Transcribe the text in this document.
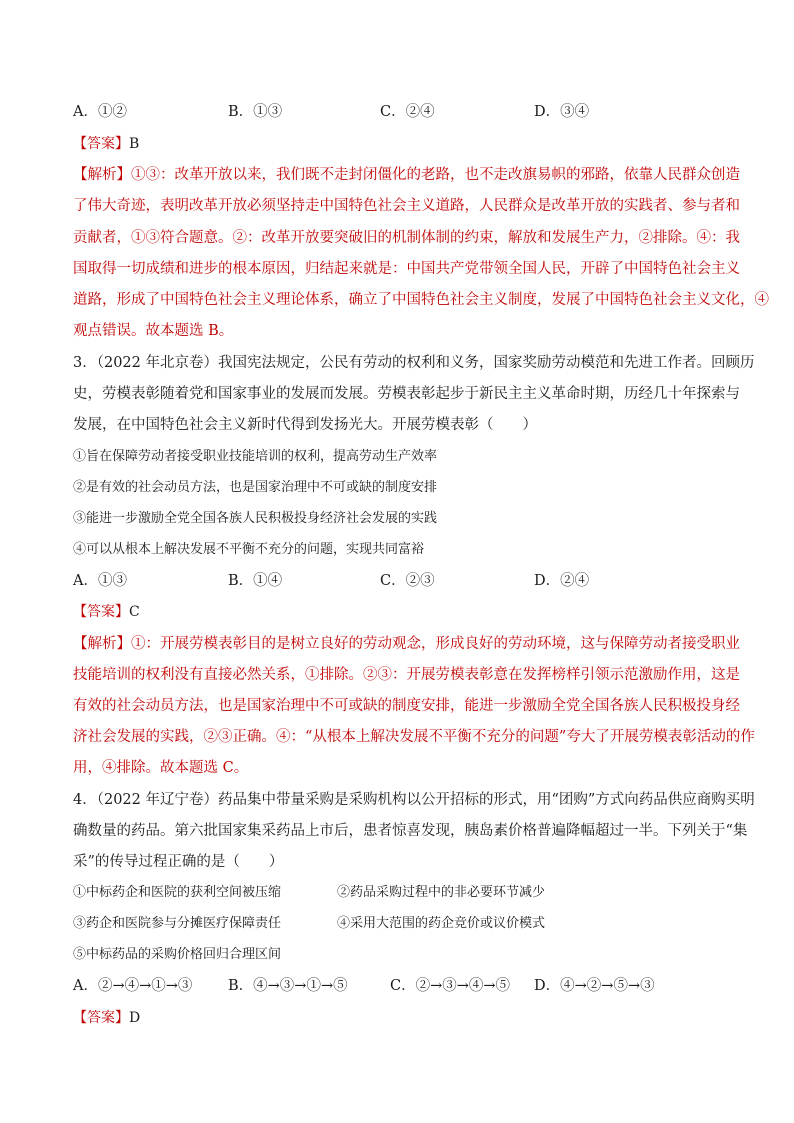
A．①②	B．①③	C．②④	D．③④
【答案】B
【解析】①③：改革开放以来，我们既不走封闭僵化的老路，也不走改旗易帜的邪路，依靠人民群众创造
了伟大奇迹，表明改革开放必须坚持走中国特色社会主义道路，人民群众是改革开放的实践者、参与者和
贡献者，①③符合题意。②：改革开放要突破旧的机制体制的约束，解放和发展生产力，②排除。④：我
国取得一切成绩和进步的根本原因，归结起来就是：中国共产党带领全国人民，开辟了中国特色社会主义
道路，形成了中国特色社会主义理论体系，确立了中国特色社会主义制度，发展了中国特色社会主义文化，④
观点错误。故本题选 B。
3．（2022 年北京卷）我国宪法规定，公民有劳动的权利和义务，国家奖励劳动模范和先进工作者。回顾历
史，劳模表彰随着党和国家事业的发展而发展。劳模表彰起步于新民主主义革命时期，历经几十年探索与
发展，在中国特色社会主义新时代得到发扬光大。开展劳模表彰（　　）
①旨在保障劳动者接受职业技能培训的权利，提高劳动生产效率
②是有效的社会动员方法，也是国家治理中不可或缺的制度安排
③能进一步激励全党全国各族人民积极投身经济社会发展的实践
④可以从根本上解决发展不平衡不充分的问题，实现共同富裕
A．①③	B．①④	C．②③	D．②④
【答案】C
【解析】①：开展劳模表彰目的是树立良好的劳动观念，形成良好的劳动环境，这与保障劳动者接受职业
技能培训的权利没有直接必然关系，①排除。②③：开展劳模表彰意在发挥榜样引领示范激励作用，这是
有效的社会动员方法，也是国家治理中不可或缺的制度安排，能进一步激励全党全国各族人民积极投身经
济社会发展的实践，②③正确。④：“从根本上解决发展不平衡不充分的问题”夸大了开展劳模表彰活动的作
用，④排除。故本题选 C。
4．（2022 年辽宁卷）药品集中带量采购是采购机构以公开招标的形式，用“团购”方式向药品供应商购买明
确数量的药品。第六批国家集采药品上市后，患者惊喜发现，胰岛素价格普遍降幅超过一半。下列关于“集
采”的传导过程正确的是（　　）
①中标药企和医院的获利空间被压缩	②药品采购过程中的非必要环节减少
③药企和医院参与分摊医疗保障责任	④采用大范围的药企竞价或议价模式
⑤中标药品的采购价格回归合理区间
A．②→④→①→③ B．④→③→①→⑤	C．②→③→④→⑤ D．④→②→⑤→③
【答案】D
